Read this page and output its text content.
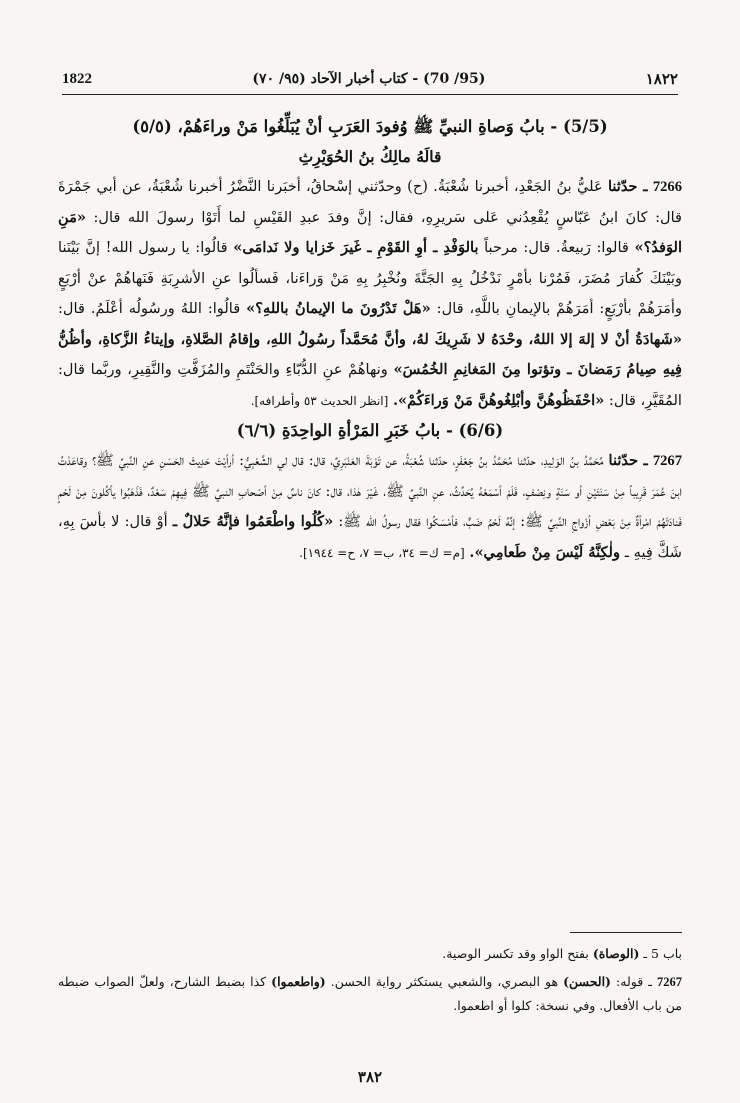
1822	(95/ 70) - كتاب أخبار الآحاد (٩٥/ ٧٠)	١٨٢٢
(5/5) - بابُ وَصاةِ النبيِّ ﷺ وُفودَ العَرَبِ أنْ يُبَلِّغُوا مَنْ وراءَهُمْ، (٥/٥)
قالَهُ مالِكُ بنُ الحُوَيْرِثِ

7266 ـ حدّثنا عَليُّ بنُ الجَعْدِ، أخبرنا شُعْبَةُ. (ح) وحدّثني إسْحاقُ، أخبَرنا النَّضْرُ أخبرنا شُعْبَةُ، عن أبي جَمْرَةَ قال: كانَ ابنُ عَبّاسٍ يُقْعِدُني عَلى سَريرِهِ، فقال: إنَّ وفدَ عبدِ القَيْسِ لما أَتَوْا رسولَ الله قال: «مَنِ الوَفدُ؟» قالوا: رَبيعةُ. قال: مرحباً بالوَفْدِ ـ أوِ القَوْمِ ـ غَيرَ خَزايا ولا نَدامَى» قالُوا: يا رسول الله! إنَّ بَيْنَنا وبَيْنَكَ كُفارَ مُضَرَ، فَمُرْنا بأمْرٍ نَدْخُلُ بِهِ الجَنَّةَ ونُخْبِرُ بِهِ مَنْ وَراءَنا، فَسألُوا عنِ الأشرِبَةِ فَنَهاهُمْ عنْ أرْبَعٍ وأمَرَهُمْ بأرْبَعٍ: أمَرَهُمْ بالإيمانِ باللَّهِ، قال: «هَلْ تَدْرُونَ ما الإيمانُ باللهِ؟» قالُوا: اللهُ ورسُولُه أعْلَمُ. قال: «شَهادَةُ أنْ لا إلهَ إلا اللهُ، وحْدَهُ لا شَرِيكَ لهُ، وأنَّ مُحَمَّداً رسُولُ اللهِ، وإقامُ الصَّلاةِ، وإيتاءُ الزَّكاةِ، وأظُنُّ فِيهِ صِيامُ رَمَضانَ ـ وتؤتوا مِنَ المَغانِمِ الخُمُسَ» ونهاهُمْ عنِ الدُّبّاءِ والحَنْتَمِ والمُزَفَّتِ والنَّقِيرِ، وربَّما قال: المُقَيَّرِ، قال: «احْفَظُوهُنَّ وأبْلِغُوهُنَّ مَنْ وَراءَكُمْ». [انظر الحديث ٥٣ وأطرافه].

(6/6) - بابُ خَبَرِ المَرْأةِ الواحِدَةِ (٦/٦)

7267 ـ حدّثنا مُحَمَّدُ بنُ الوَلِيدِ، حدّثنا مُحَمَّدُ بنُ جَعْفَرٍ، حدّثنا شُعْبَةُ، عن تَوْبَةَ العَنْبَرِيِّ، قال: قال لي الشَّعْبِيُّ: أرأيْتَ حَدِيثَ الحَسَنِ عنِ النَّبيِّ ﷺ؟ وقاعَدْتُ ابنَ عُمَرَ قَرِيباً مِنْ سَنَتَيْنِ أو سَنَةٍ ونِصْفٍ، فَلَمْ أسْمَعْهُ يُحَدِّثُ، عنِ النَّبيِّ ﷺ، غَيْرَ هٰذا، قال: كانَ ناسٌ مِنْ أصْحابِ النبيِّ ﷺ فِيهِمْ سَعْدٌ، فَذَهَبُوا يأكُلونَ مِنْ لَحْمٍ فَنادَتْهُمْ امْرأةٌ مِنْ بَعْضِ أزْواجِ النَّبيِّ ﷺ: إنَّهُ لَحْمُ ضَبٍّ، فأمْسَكُوا فقال رسولُ الله ﷺ: «كُلُوا واطْعَمُوا فإنَّهُ حَلالٌ ـ أوْ قال: لا بأسَ بِهِ، شَكَّ فِيهِ ـ ولٰكِنَّهُ لَيْسَ مِنْ طَعامِي». [م= ك= ٣٤، ب= ٧، ح= ١٩٤٤].

باب 5 ـ (الوصاة) بفتح الواو وقد تكسر الوصية.

7267 ـ قوله: (الحسن) هو البصري، والشعبي يستكثر رواية الحسن. (واطعموا) كذا بضبط الشارح، ولعلّ الصواب ضبطه من باب الأفعال. وفي نسخة: كلوا أو اطعموا.

٣٨٢
